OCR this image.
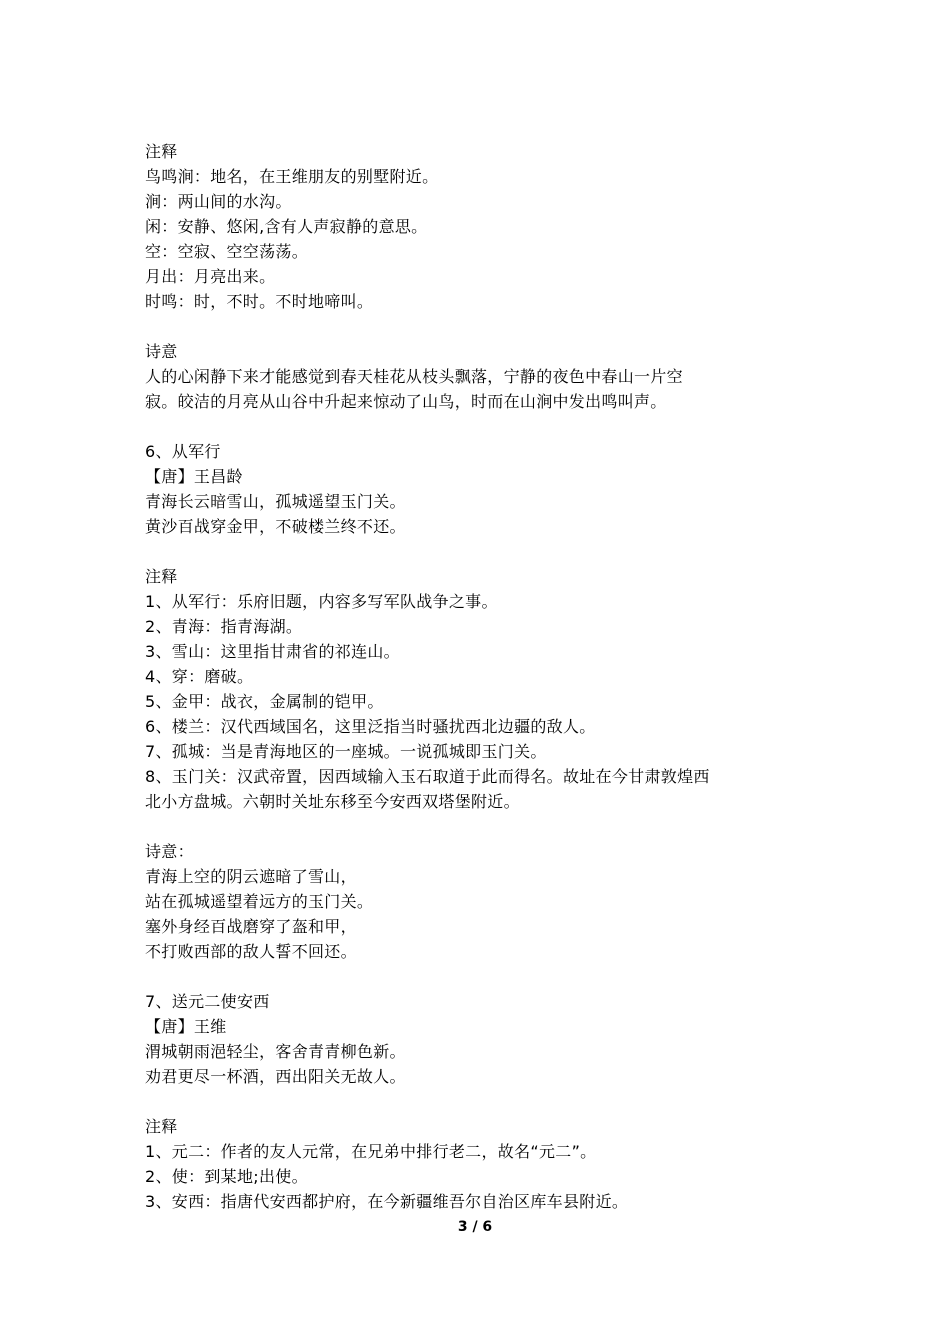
注释
鸟鸣涧：地名，在王维朋友的别墅附近。
涧：两山间的水沟。
闲：安静、悠闲,含有人声寂静的意思。
空：空寂、空空荡荡。
月出：月亮出来。
时鸣：时，不时。不时地啼叫。
诗意
人的心闲静下来才能感觉到春天桂花从枝头飘落，宁静的夜色中春山一片空
寂。皎洁的月亮从山谷中升起来惊动了山鸟，时而在山涧中发出鸣叫声。
6、从军行
【唐】王昌龄
青海长云暗雪山，孤城遥望玉门关。
黄沙百战穿金甲，不破楼兰终不还。
注释
1、从军行：乐府旧题，内容多写军队战争之事。
2、青海：指青海湖。
3、雪山：这里指甘肃省的祁连山。
4、穿：磨破。
5、金甲：战衣，金属制的铠甲。
6、楼兰：汉代西域国名，这里泛指当时骚扰西北边疆的敌人。
7、孤城：当是青海地区的一座城。一说孤城即玉门关。
8、玉门关：汉武帝置，因西域输入玉石取道于此而得名。故址在今甘肃敦煌西
北小方盘城。六朝时关址东移至今安西双塔堡附近。
诗意：
青海上空的阴云遮暗了雪山，
站在孤城遥望着远方的玉门关。
塞外身经百战磨穿了盔和甲，
不打败西部的敌人誓不回还。
7、送元二使安西
【唐】王维
渭城朝雨浥轻尘，客舍青青柳色新。
劝君更尽一杯酒，西出阳关无故人。
注释
1、元二：作者的友人元常，在兄弟中排行老二，故名“元二”。
2、使：到某地;出使。
3、安西：指唐代安西都护府，在今新疆维吾尔自治区库车县附近。
3 / 6
